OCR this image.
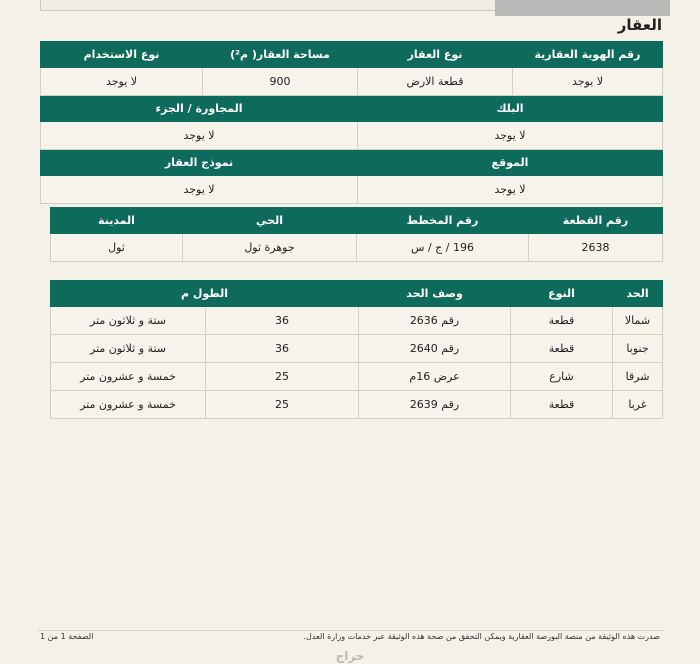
العقار
رقم الهوية العقارية	نوع العقار	مساحة العقار( م²)	نوع الاستخدام
لا يوجد	قطعة الارض	900	لا يوجد
البلك		المجاورة / الجزء	
لا يوجد		لا يوجد	
الموقع		نموذج العقار	
لا يوجد		لا يوجد	
رقم القطعة	رقم المخطط	الحي	المدينة
2638	196 / ج / س	جوهرة ثول	ثول
الحد	النوع	وصف الحد	الطول م	
شمالا	قطعة	رقم 2636	36	ستة و ثلاثون متر
جنوبا	قطعة	رقم 2640	36	ستة و ثلاثون متر
شرقا	شارع	عرض 16م	25	خمسة و عشرون متر
غربا	قطعة	رقم 2639	25	خمسة و عشرون متر
صدرت هذه الوثيقة من منصة البورصة العقارية ويمكن التحقق من صحة هذه الوثيقة عبر خدمات وزارة العدل.
الصفحة 1 من 1
حراج
